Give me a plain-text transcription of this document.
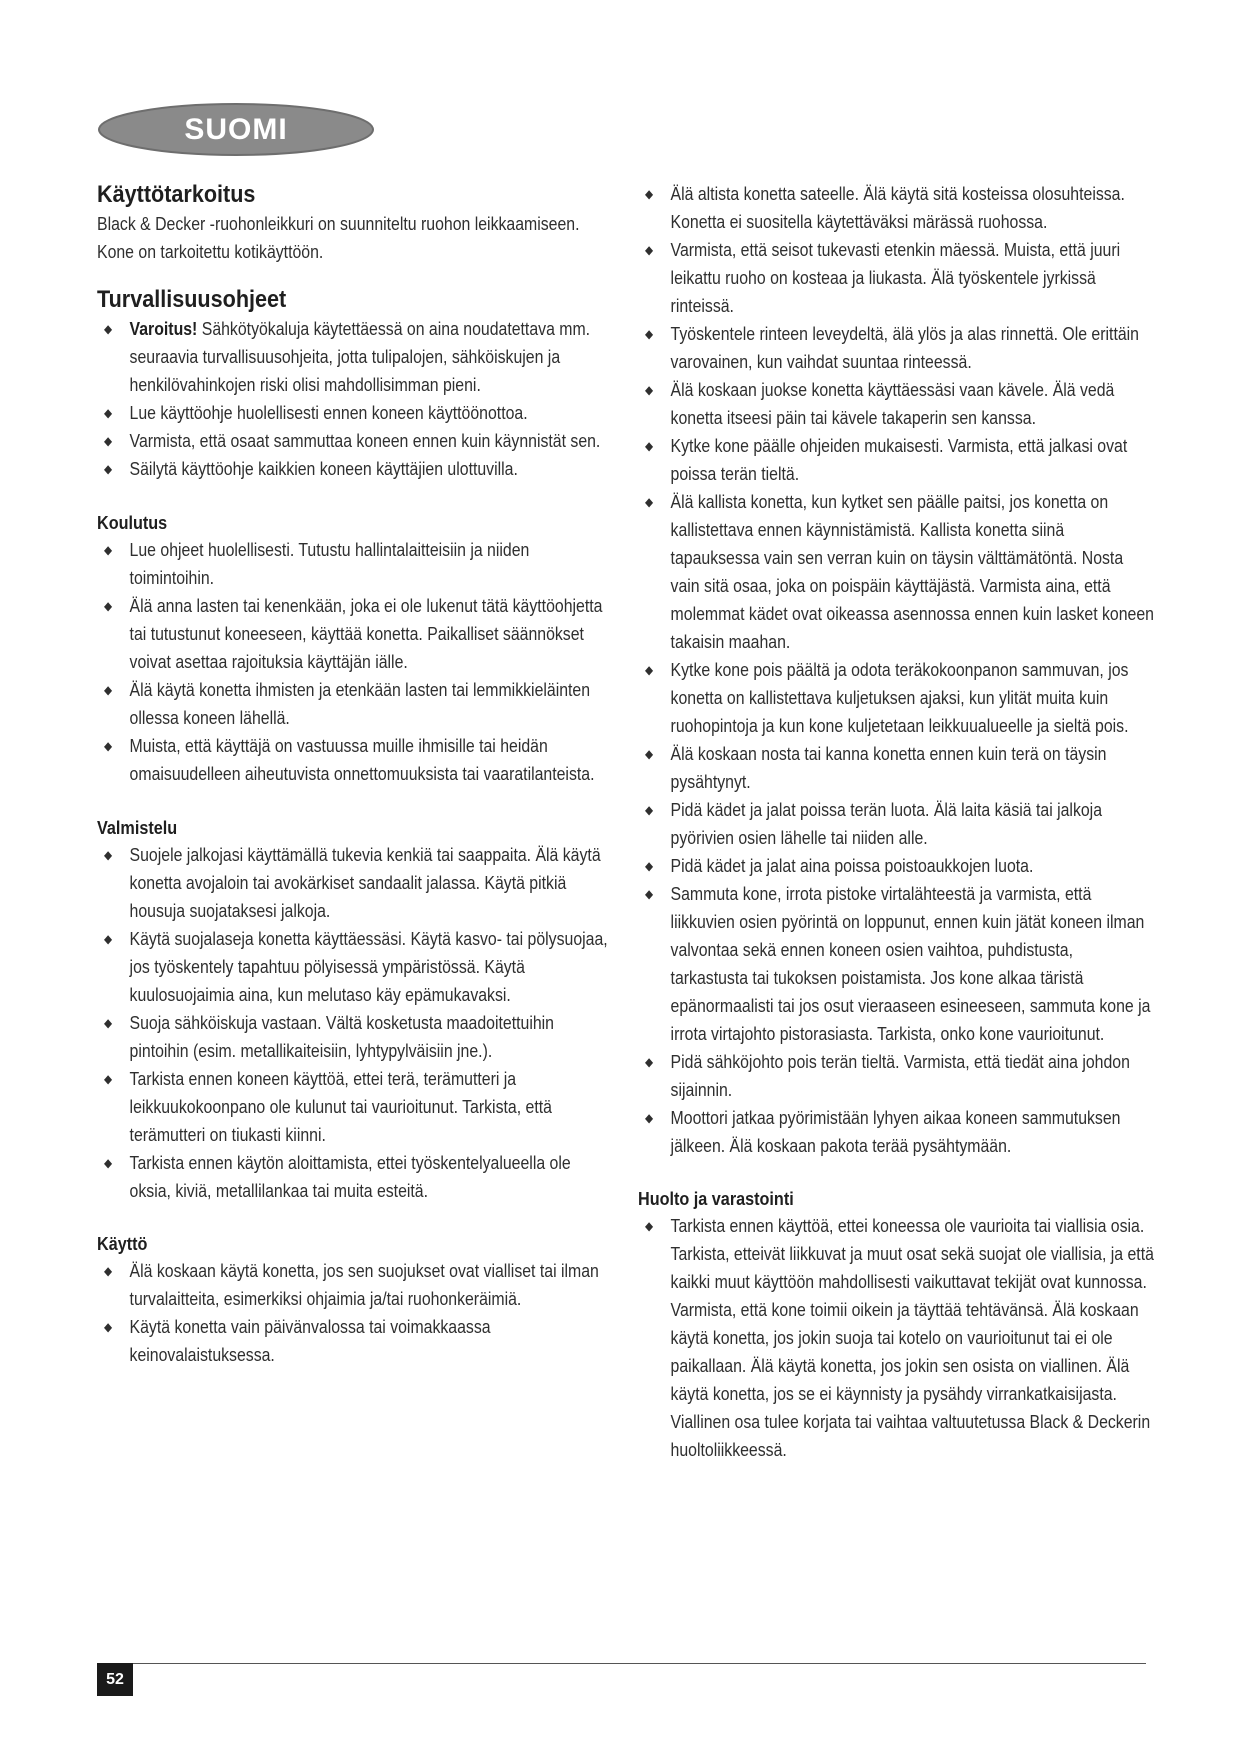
SUOMI
Käyttötarkoitus

Black & Decker -ruohonleikkuri on suunniteltu ruohon leikkaamiseen.

Kone on tarkoitettu kotikäyttöön.

Turvallisuusohjeet
◆ Varoitus! Sähkötyökaluja käytettäessä on aina noudatettava mm. seuraavia turvallisuusohjeita, jotta tulipalojen, sähköiskujen ja henkilövahinkojen riski olisi mahdollisimman pieni.
◆ Lue käyttöohje huolellisesti ennen koneen käyttöönottoa.
◆ Varmista, että osaat sammuttaa koneen ennen kuin käynnistät sen.
◆ Säilytä käyttöohje kaikkien koneen käyttäjien ulottuvilla.
Koulutus
◆ Lue ohjeet huolellisesti. Tutustu hallintalaitteisiin ja niiden toimintoihin.
◆ Älä anna lasten tai kenenkään, joka ei ole lukenut tätä käyttöohjetta tai tutustunut koneeseen, käyttää konetta. Paikalliset säännökset voivat asettaa rajoituksia käyttäjän iälle.
◆ Älä käytä konetta ihmisten ja etenkään lasten tai lemmikkieläinten ollessa koneen lähellä.
◆ Muista, että käyttäjä on vastuussa muille ihmisille tai heidän omaisuudelleen aiheutuvista onnettomuuksista tai vaaratilanteista.
Valmistelu
◆ Suojele jalkojasi käyttämällä tukevia kenkiä tai saappaita. Älä käytä konetta avojaloin tai avokärkiset sandaalit jalassa. Käytä pitkiä housuja suojataksesi jalkoja.
◆ Käytä suojalaseja konetta käyttäessäsi. Käytä kasvo- tai pölysuojaa, jos työskentely tapahtuu pölyisessä ympäristössä. Käytä kuulosuojaimia aina, kun melutaso käy epämukavaksi.
◆ Suoja sähköiskuja vastaan. Vältä kosketusta maadoitettuihin pintoihin (esim. metallikaiteisiin, lyhtypylväisiin jne.).
◆ Tarkista ennen koneen käyttöä, ettei terä, terämutteri ja leikkuukokoonpano ole kulunut tai vaurioitunut. Tarkista, että terämutteri on tiukasti kiinni.
◆ Tarkista ennen käytön aloittamista, ettei työskentelyalueella ole oksia, kiviä, metallilankaa tai muita esteitä.
Käyttö
◆ Älä koskaan käytä konetta, jos sen suojukset ovat vialliset tai ilman turvalaitteita, esimerkiksi ohjaimia ja/tai ruohonkeräimiä.
◆ Käytä konetta vain päivänvalossa tai voimakkaassa keinovalaistuksessa.
◆ Älä altista konetta sateelle. Älä käytä sitä kosteissa olosuhteissa. Konetta ei suositella käytettäväksi märässä ruohossa.
◆ Varmista, että seisot tukevasti etenkin mäessä. Muista, että juuri leikattu ruoho on kosteaa ja liukasta. Älä työskentele jyrkissä rinteissä.
◆ Työskentele rinteen leveydeltä, älä ylös ja alas rinnettä. Ole erittäin varovainen, kun vaihdat suuntaa rinteessä.
◆ Älä koskaan juokse konetta käyttäessäsi vaan kävele. Älä vedä konetta itseesi päin tai kävele takaperin sen kanssa.
◆ Kytke kone päälle ohjeiden mukaisesti. Varmista, että jalkasi ovat poissa terän tieltä.
◆ Älä kallista konetta, kun kytket sen päälle paitsi, jos konetta on kallistettava ennen käynnistämistä. Kallista konetta siinä tapauksessa vain sen verran kuin on täysin välttämätöntä. Nosta vain sitä osaa, joka on poispäin käyttäjästä. Varmista aina, että molemmat kädet ovat oikeassa asennossa ennen kuin lasket koneen takaisin maahan.
◆ Kytke kone pois päältä ja odota teräkokoonpanon sammuvan, jos konetta on kallistettava kuljetuksen ajaksi, kun ylität muita kuin ruohopintoja ja kun kone kuljetetaan leikkuualueelle ja sieltä pois.
◆ Älä koskaan nosta tai kanna konetta ennen kuin terä on täysin pysähtynyt.
◆ Pidä kädet ja jalat poissa terän luota. Älä laita käsiä tai jalkoja pyörivien osien lähelle tai niiden alle.
◆ Pidä kädet ja jalat aina poissa poistoaukkojen luota.
◆ Sammuta kone, irrota pistoke virtalähteestä ja varmista, että liikkuvien osien pyörintä on loppunut, ennen kuin jätät koneen ilman valvontaa sekä ennen koneen osien vaihtoa, puhdistusta, tarkastusta tai tukoksen poistamista. Jos kone alkaa täristä epänormaalisti tai jos osut vieraaseen esineeseen, sammuta kone ja irrota virtajohto pistorasiasta. Tarkista, onko kone vaurioitunut.
◆ Pidä sähköjohto pois terän tieltä. Varmista, että tiedät aina johdon sijainnin.
◆ Moottori jatkaa pyörimistään lyhyen aikaa koneen sammutuksen jälkeen. Älä koskaan pakota terää pysähtymään.
Huolto ja varastointi
◆ Tarkista ennen käyttöä, ettei koneessa ole vaurioita tai viallisia osia. Tarkista, etteivät liikkuvat ja muut osat sekä suojat ole viallisia, ja että kaikki muut käyttöön mahdollisesti vaikuttavat tekijät ovat kunnossa. Varmista, että kone toimii oikein ja täyttää tehtävänsä. Älä koskaan käytä konetta, jos jokin suoja tai kotelo on vaurioitunut tai ei ole paikallaan. Älä käytä konetta, jos jokin sen osista on viallinen. Älä käytä konetta, jos se ei käynnisty ja pysähdy virrankatkaisijasta. Viallinen osa tulee korjata tai vaihtaa valtuutetussa Black & Deckerin huoltoliikkeessä.
52
